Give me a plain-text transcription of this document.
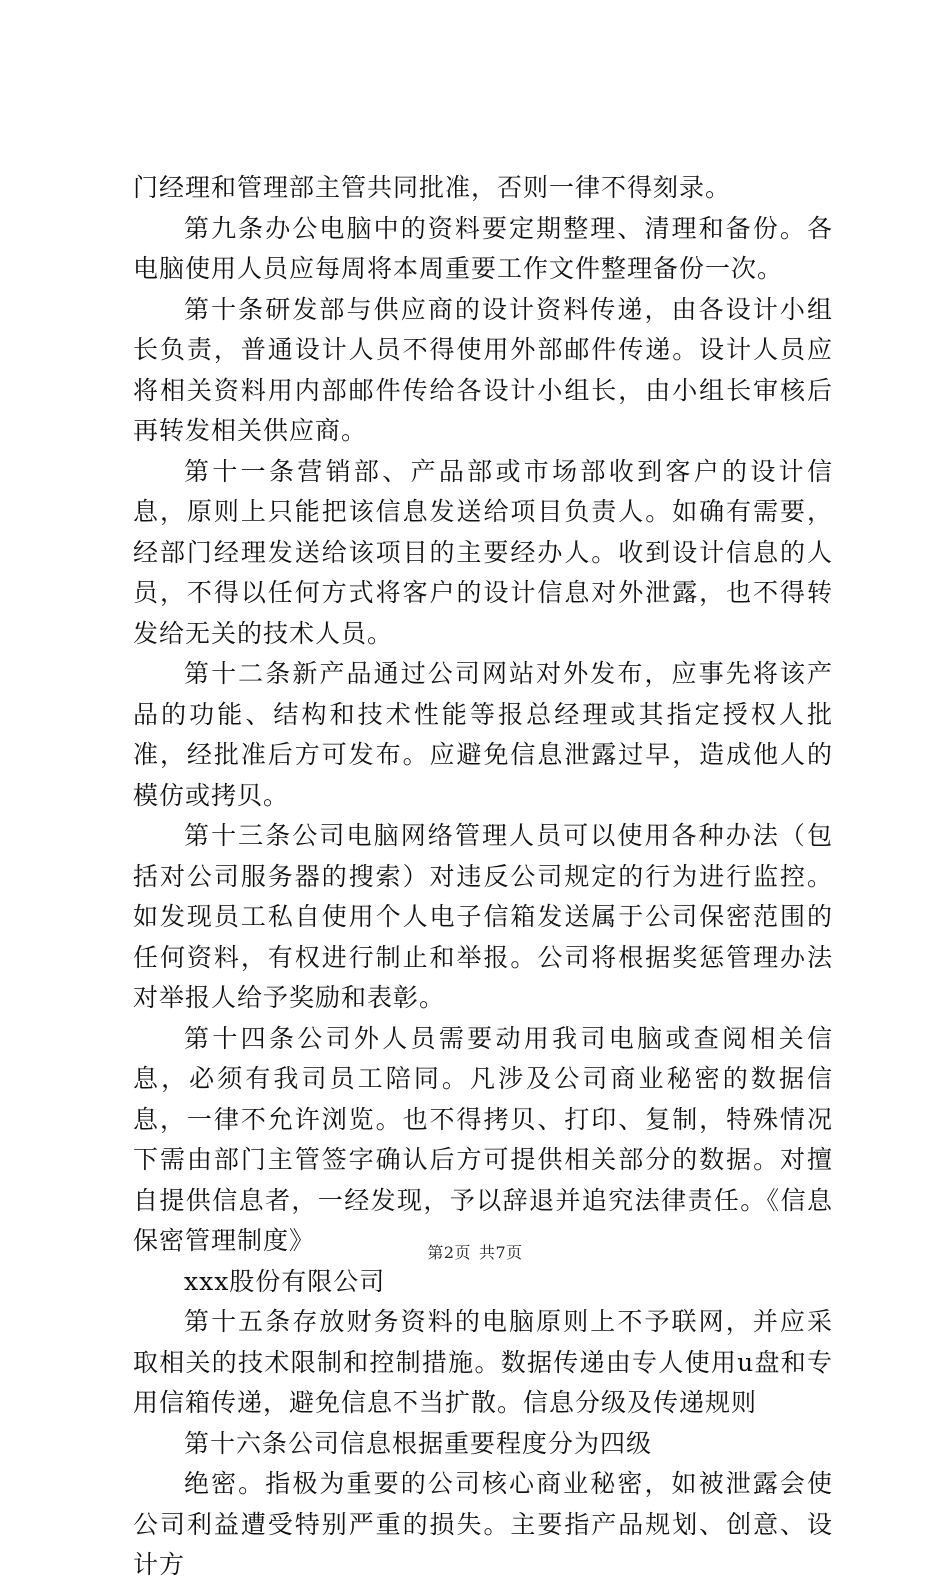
门经理和管理部主管共同批准，否则一律不得刻录。

第九条办公电脑中的资料要定期整理、清理和备份。各电脑使用人员应每周将本周重要工作文件整理备份一次。

第十条研发部与供应商的设计资料传递，由各设计小组长负责，普通设计人员不得使用外部邮件传递。设计人员应将相关资料用内部邮件传给各设计小组长，由小组长审核后再转发相关供应商。

第十一条营销部、产品部或市场部收到客户的设计信息，原则上只能把该信息发送给项目负责人。如确有需要，经部门经理发送给该项目的主要经办人。收到设计信息的人员，不得以任何方式将客户的设计信息对外泄露，也不得转发给无关的技术人员。

第十二条新产品通过公司网站对外发布，应事先将该产品的功能、结构和技术性能等报总经理或其指定授权人批准，经批准后方可发布。应避免信息泄露过早，造成他人的模仿或拷贝。

第十三条公司电脑网络管理人员可以使用各种办法（包括对公司服务器的搜索）对违反公司规定的行为进行监控。如发现员工私自使用个人电子信箱发送属于公司保密范围的任何资料，有权进行制止和举报。公司将根据奖惩管理办法对举报人给予奖励和表彰。

第十四条公司外人员需要动用我司电脑或查阅相关信息，必须有我司员工陪同。凡涉及公司商业秘密的数据信息，一律不允许浏览。也不得拷贝、打印、复制，特殊情况下需由部门主管签字确认后方可提供相关部分的数据。对擅自提供信息者，一经发现，予以辞退并追究法律责任。《信息保密管理制度》

xxx股份有限公司

第十五条存放财务资料的电脑原则上不予联网，并应采取相关的技术限制和控制措施。数据传递由专人使用u盘和专用信箱传递，避免信息不当扩散。信息分级及传递规则

第十六条公司信息根据重要程度分为四级

绝密。指极为重要的公司核心商业秘密，如被泄露会使公司利益遭受特别严重的损失。主要指产品规划、创意、设计方

第2页 共7页
